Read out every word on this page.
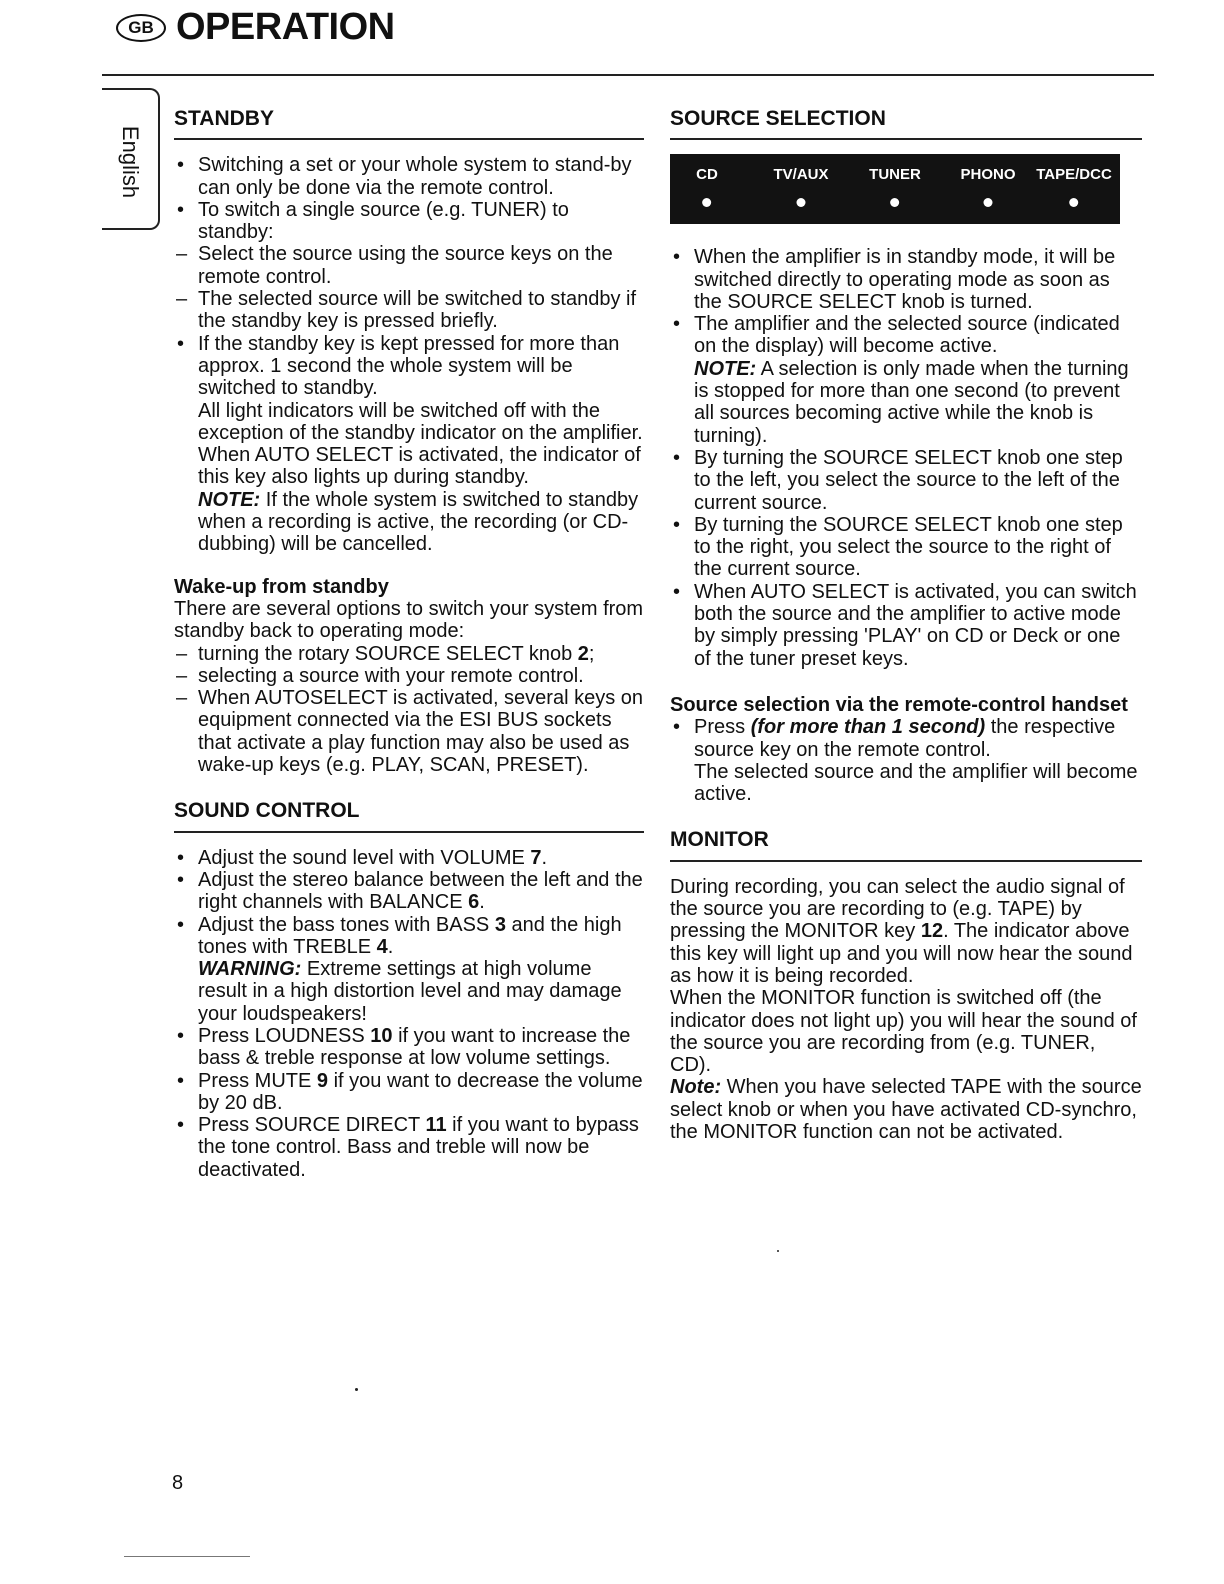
GB OPERATION
English
STANDBY
• Switching a set or your whole system to stand-by can only be done via the remote control.
• To switch a single source (e.g. TUNER) to standby:
– Select the source using the source keys on the remote control.
– The selected source will be switched to standby if the standby key is pressed briefly.
• If the standby key is kept pressed for more than approx. 1 second the whole system will be switched to standby.
All light indicators will be switched off with the exception of the standby indicator on the amplifier.
When AUTO SELECT is activated, the indicator of this key also lights up during standby.
NOTE: If the whole system is switched to standby when a recording is active, the recording (or CD-dubbing) will be cancelled.
Wake-up from standby

There are several options to switch your system from standby back to operating mode:

– turning the rotary SOURCE SELECT knob 2;
– selecting a source with your remote control.
– When AUTOSELECT is activated, several keys on equipment connected via the ESI BUS sockets that activate a play function may also be used as wake-up keys (e.g. PLAY, SCAN, PRESET).
SOUND CONTROL
• Adjust the sound level with VOLUME 7.
• Adjust the stereo balance between the left and the right channels with BALANCE 6.
• Adjust the bass tones with BASS 3 and the high tones with TREBLE 4.
WARNING: Extreme settings at high volume result in a high distortion level and may damage your loudspeakers!
• Press LOUDNESS 10 if you want to increase the bass & treble response at low volume settings.
• Press MUTE 9 if you want to decrease the volume by 20 dB.
• Press SOURCE DIRECT 11 if you want to bypass the tone control. Bass and treble will now be deactivated.
SOURCE SELECTION
CD	TV/AUX	TUNER	PHONO TAPE/DCC
• When the amplifier is in standby mode, it will be switched directly to operating mode as soon as the SOURCE SELECT knob is turned.
• The amplifier and the selected source (indicated on the display) will become active.
NOTE: A selection is only made when the turning is stopped for more than one second (to prevent all sources becoming active while the knob is turning).
• By turning the SOURCE SELECT knob one step to the left, you select the source to the left of the current source.
• By turning the SOURCE SELECT knob one step to the right, you select the source to the right of the current source.
• When AUTO SELECT is activated, you can switch both the source and the amplifier to active mode by simply pressing 'PLAY' on CD or Deck or one of the tuner preset keys.
Source selection via the remote-control handset
• Press (for more than 1 second) the respective source key on the remote control.
The selected source and the amplifier will become active.
MONITOR

During recording, you can select the audio signal of the source you are recording to (e.g. TAPE) by pressing the MONITOR key 12. The indicator above this key will light up and you will now hear the sound as how it is being recorded.
When the MONITOR function is switched off (the indicator does not light up) you will hear the sound of the source you are recording from (e.g. TUNER, CD).
Note: When you have selected TAPE with the source select knob or when you have activated CD-synchro, the MONITOR function can not be activated.

8
